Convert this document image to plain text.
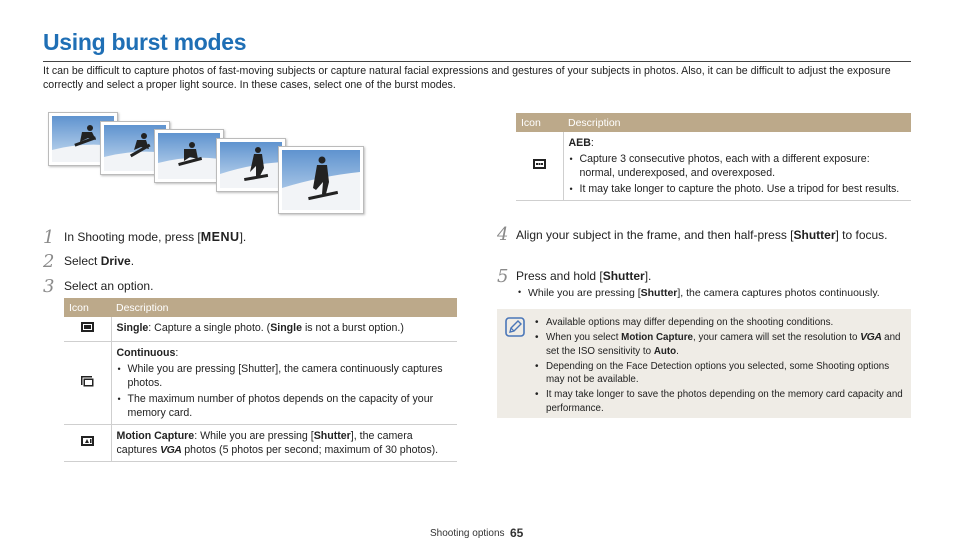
Using burst modes
It can be difficult to capture photos of fast-moving subjects or capture natural facial expressions and gestures of your subjects in photos. Also, it can be difficult to adjust the exposure correctly and select a proper light source. In these cases, select one of the burst modes.
1 In Shooting mode, press [MENU].
2 Select Drive.
3 Select an option.
Icon	Description
	Single: Capture a single photo. (Single is not a burst option.)
	Continuous:
• While you are pressing [Shutter], the camera continuously captures photos.
• The maximum number of photos depends on the capacity of your memory card.

	Motion Capture: While you are pressing [Shutter], the camera captures VGA photos (5 photos per second; maximum of 30 photos).
Icon	Description
	AEB:
• Capture 3 consecutive photos, each with a different exposure: normal, underexposed, and overexposed.
• It may take longer to capture the photo. Use a tripod for best results.
4 Align your subject in the frame, and then half-press [Shutter] to focus.
5 Press and hold [Shutter].
• While you are pressing [Shutter], the camera captures photos continuously.
• Available options may differ depending on the shooting conditions.
• When you select Motion Capture, your camera will set the resolution to VGA and set the ISO sensitivity to Auto.
• Depending on the Face Detection options you selected, some Shooting options may not be available.
• It may take longer to save the photos depending on the memory card capacity and performance.
Shooting options 65
